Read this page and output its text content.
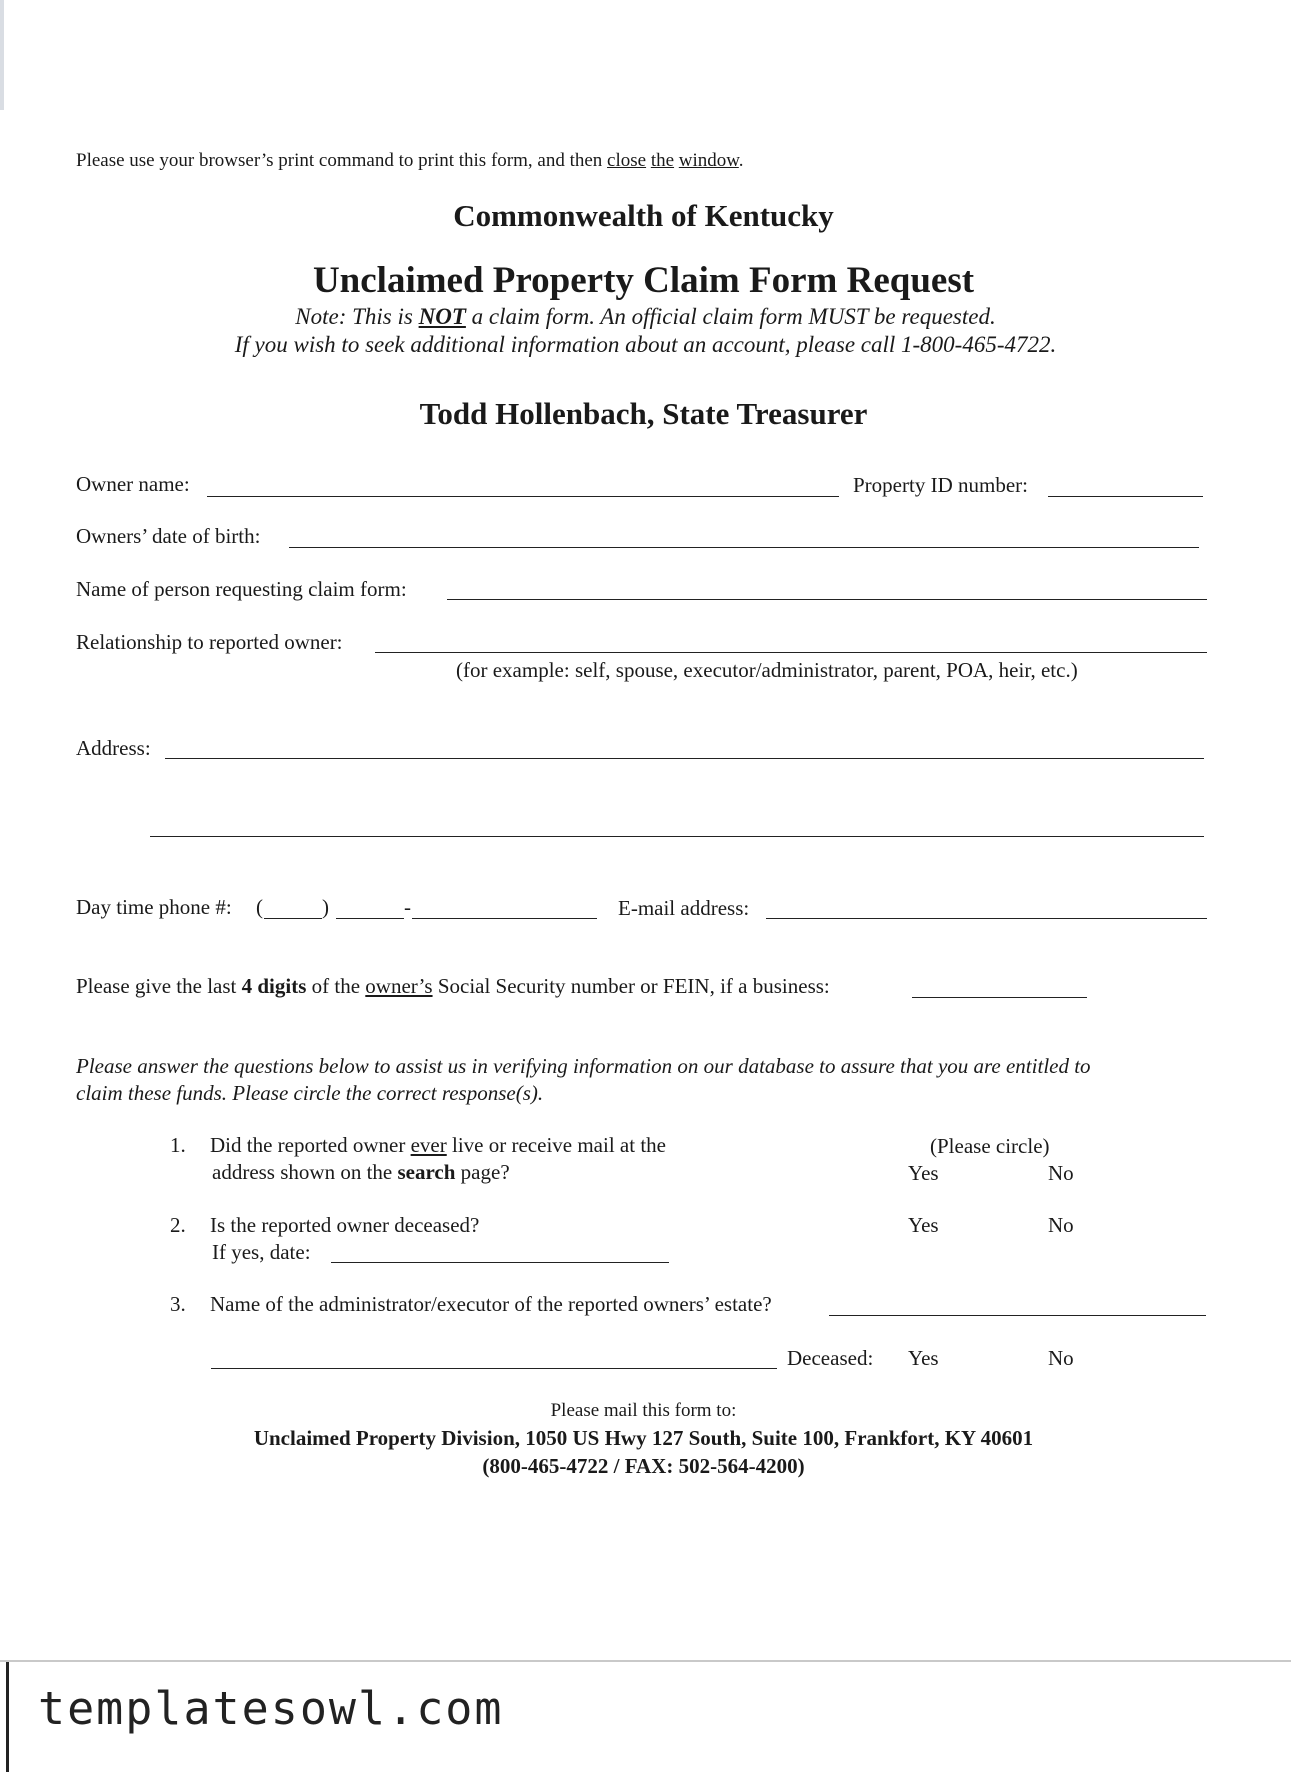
Please use your browser’s print command to print this form, and then close the window.
Commonwealth of Kentucky
Unclaimed Property Claim Form Request
Note: This is NOT a claim form. An official claim form MUST be requested.
If you wish to seek additional information about an account, please call 1-800-465-4722.
Todd Hollenbach, State Treasurer
Owner name:	Property ID number:
Owners’ date of birth:
Name of person requesting claim form:
Relationship to reported owner:
(for example: self, spouse, executor/administrator, parent, POA, heir, etc.)
Address:
Day time phone #: (	)	-	E-mail address:
Please give the last 4 digits of the owner’s Social Security number or FEIN, if a business:
Please answer the questions below to assist us in verifying information on our database to assure that you are entitled to
claim these funds. Please circle the correct response(s).
1. Did the reported owner ever live or receive mail at the
address shown on the search page?
(Please circle)
Yes	No
2. Is the reported owner deceased?	Yes	No
If yes, date:
3. Name of the administrator/executor of the reported owners’ estate?
Deceased: Yes	No
Please mail this form to:
Unclaimed Property Division, 1050 US Hwy 127 South, Suite 100, Frankfort, KY 40601
(800-465-4722 / FAX: 502-564-4200)
templatesowl.com
